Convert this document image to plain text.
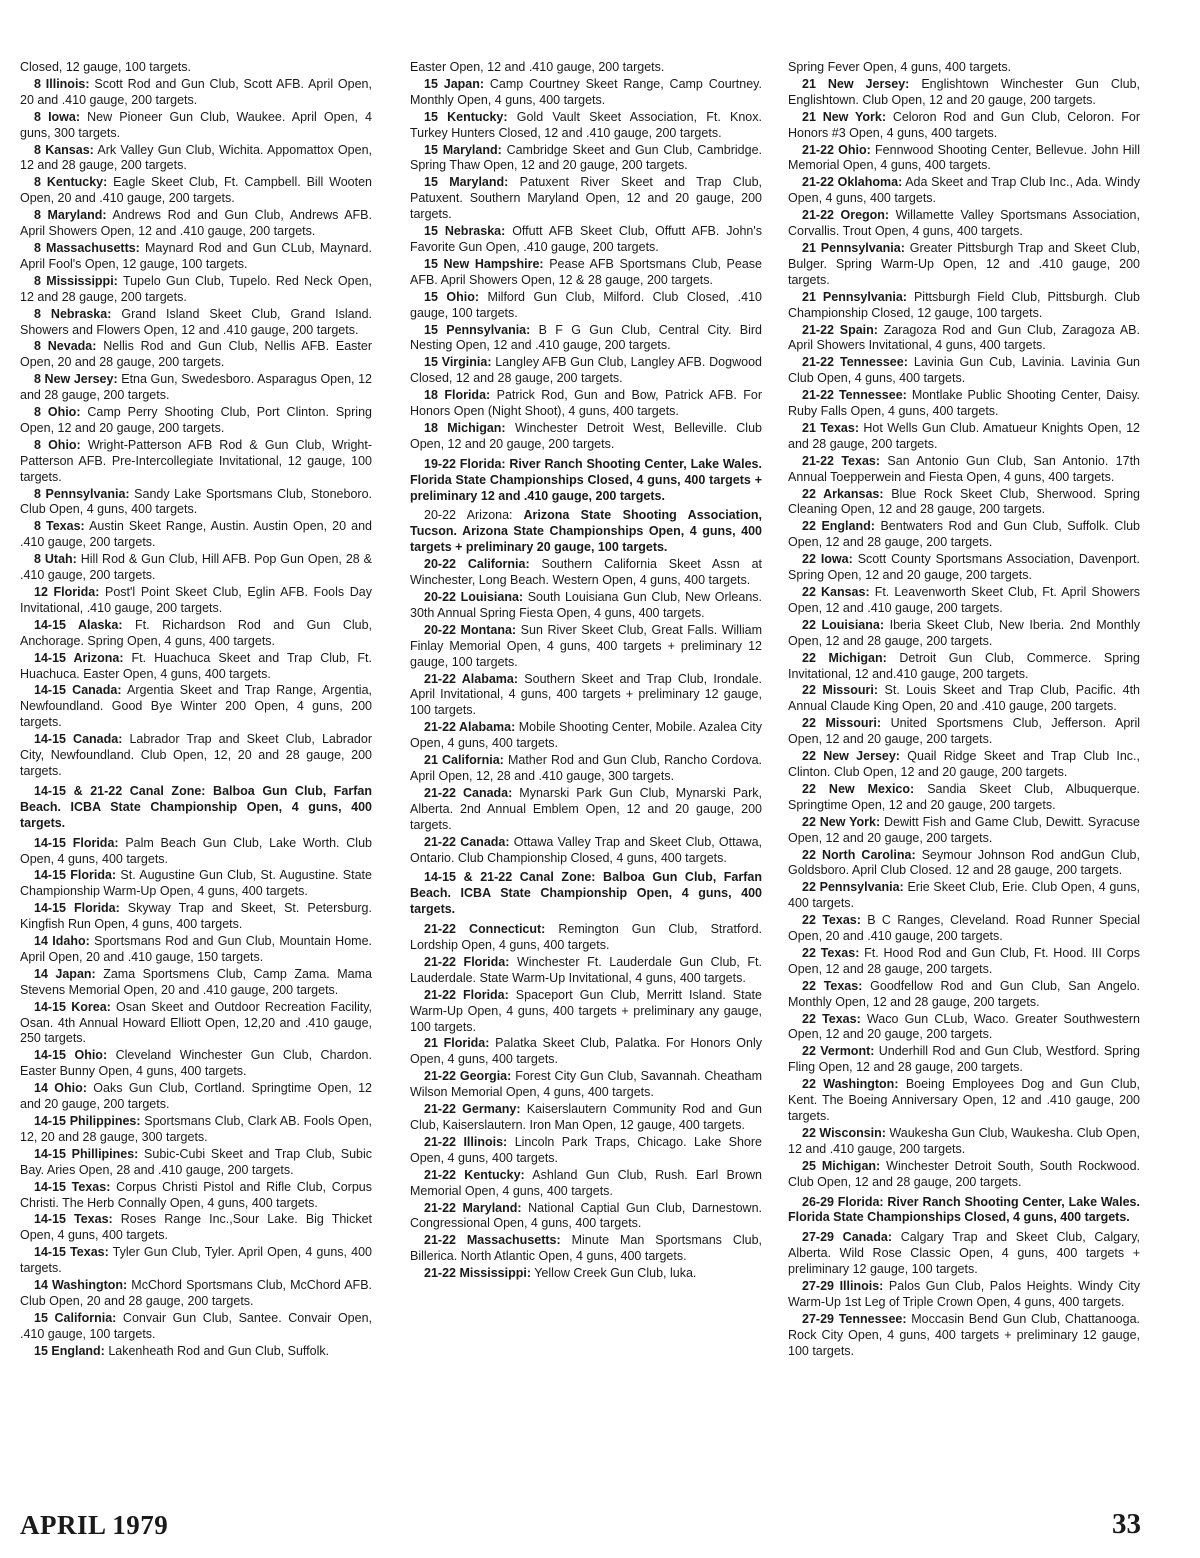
Closed, 12 gauge, 100 targets.

8 Illinois: Scott Rod and Gun Club, Scott AFB. April Open, 20 and .410 gauge, 200 targets.

8 Iowa: New Pioneer Gun Club, Waukee. April Open, 4 guns, 300 targets.

8 Kansas: Ark Valley Gun Club, Wichita. Appomattox Open, 12 and 28 gauge, 200 targets.

8 Kentucky: Eagle Skeet Club, Ft. Campbell. Bill Wooten Open, 20 and .410 gauge, 200 targets.

8 Maryland: Andrews Rod and Gun Club, Andrews AFB. April Showers Open, 12 and .410 gauge, 200 targets.

8 Massachusetts: Maynard Rod and Gun CLub, Maynard. April Fool's Open, 12 gauge, 100 targets.

8 Mississippi: Tupelo Gun Club, Tupelo. Red Neck Open, 12 and 28 gauge, 200 targets.

8 Nebraska: Grand Island Skeet Club, Grand Island. Showers and Flowers Open, 12 and .410 gauge, 200 targets.

8 Nevada: Nellis Rod and Gun Club, Nellis AFB. Easter Open, 20 and 28 gauge, 200 targets.

8 New Jersey: Etna Gun, Swedesboro. Asparagus Open, 12 and 28 gauge, 200 targets.

8 Ohio: Camp Perry Shooting Club, Port Clinton. Spring Open, 12 and 20 gauge, 200 targets.

8 Ohio: Wright-Patterson AFB Rod & Gun Club, Wright-Patterson AFB. Pre-Intercollegiate Invitational, 12 gauge, 100 targets.

8 Pennsylvania: Sandy Lake Sportsmans Club, Stoneboro. Club Open, 4 guns, 400 targets.

8 Texas: Austin Skeet Range, Austin. Austin Open, 20 and .410 gauge, 200 targets.

8 Utah: Hill Rod & Gun Club, Hill AFB. Pop Gun Open, 28 & .410 gauge, 200 targets.

12 Florida: Post'l Point Skeet Club, Eglin AFB. Fools Day Invitational, .410 gauge, 200 targets.

14-15 Alaska: Ft. Richardson Rod and Gun Club, Anchorage. Spring Open, 4 guns, 400 targets.

14-15 Arizona: Ft. Huachuca Skeet and Trap Club, Ft. Huachuca. Easter Open, 4 guns, 400 targets.

14-15 Canada: Argentia Skeet and Trap Range, Argentia, Newfoundland. Good Bye Winter 200 Open, 4 guns, 200 targets.

14-15 Canada: Labrador Trap and Skeet Club, Labrador City, Newfoundland. Club Open, 12, 20 and 28 gauge, 200 targets.

14-15 & 21-22 Canal Zone: Balboa Gun Club, Farfan Beach. ICBA State Championship Open, 4 guns, 400 targets.

14-15 Florida: Palm Beach Gun Club, Lake Worth. Club Open, 4 guns, 400 targets.

14-15 Florida: St. Augustine Gun Club, St. Augustine. State Championship Warm-Up Open, 4 guns, 400 targets.

14-15 Florida: Skyway Trap and Skeet, St. Petersburg. Kingfish Run Open, 4 guns, 400 targets.

14 Idaho: Sportsmans Rod and Gun Club, Mountain Home. April Open, 20 and .410 gauge, 150 targets.

14 Japan: Zama Sportsmens Club, Camp Zama. Mama Stevens Memorial Open, 20 and .410 gauge, 200 targets.

14-15 Korea: Osan Skeet and Outdoor Recreation Facility, Osan. 4th Annual Howard Elliott Open, 12,20 and .410 gauge, 250 targets.

14-15 Ohio: Cleveland Winchester Gun Club, Chardon. Easter Bunny Open, 4 guns, 400 targets.

14 Ohio: Oaks Gun Club, Cortland. Springtime Open, 12 and 20 gauge, 200 targets.

14-15 Philippines: Sportsmans Club, Clark AB. Fools Open, 12, 20 and 28 gauge, 300 targets.

14-15 Phillipines: Subic-Cubi Skeet and Trap Club, Subic Bay. Aries Open, 28 and .410 gauge, 200 targets.

14-15 Texas: Corpus Christi Pistol and Rifle Club, Corpus Christi. The Herb Connally Open, 4 guns, 400 targets.

14-15 Texas: Roses Range Inc.,Sour Lake. Big Thicket Open, 4 guns, 400 targets.

14-15 Texas: Tyler Gun Club, Tyler. April Open, 4 guns, 400 targets.

14 Washington: McChord Sportsmans Club, McChord AFB. Club Open, 20 and 28 gauge, 200 targets.

15 California: Convair Gun Club, Santee. Convair Open, .410 gauge, 100 targets.

15 England: Lakenheath Rod and Gun Club, Suffolk.

Easter Open, 12 and .410 gauge, 200 targets.

15 Japan: Camp Courtney Skeet Range, Camp Courtney. Monthly Open, 4 guns, 400 targets.

15 Kentucky: Gold Vault Skeet Association, Ft. Knox. Turkey Hunters Closed, 12 and .410 gauge, 200 targets.

15 Maryland: Cambridge Skeet and Gun Club, Cambridge. Spring Thaw Open, 12 and 20 gauge, 200 targets.

15 Maryland: Patuxent River Skeet and Trap Club, Patuxent. Southern Maryland Open, 12 and 20 gauge, 200 targets.

15 Nebraska: Offutt AFB Skeet Club, Offutt AFB. John's Favorite Gun Open, .410 gauge, 200 targets.

15 New Hampshire: Pease AFB Sportsmans Club, Pease AFB. April Showers Open, 12 & 28 gauge, 200 targets.

15 Ohio: Milford Gun Club, Milford. Club Closed, .410 gauge, 100 targets.

15 Pennsylvania: B F G Gun Club, Central City. Bird Nesting Open, 12 and .410 gauge, 200 targets.

15 Virginia: Langley AFB Gun Club, Langley AFB. Dogwood Closed, 12 and 28 gauge, 200 targets.

18 Florida: Patrick Rod, Gun and Bow, Patrick AFB. For Honors Open (Night Shoot), 4 guns, 400 targets.

18 Michigan: Winchester Detroit West, Belleville. Club Open, 12 and 20 gauge, 200 targets.

19-22 Florida: River Ranch Shooting Center, Lake Wales. Florida State Championships Closed, 4 guns, 400 targets + preliminary 12 and .410 gauge, 200 targets.

20-22 Arizona: Arizona State Shooting Association, Tucson. Arizona State Championships Open, 4 guns, 400 targets + preliminary 20 gauge, 100 targets.

20-22 California: Southern California Skeet Assn at Winchester, Long Beach. Western Open, 4 guns, 400 targets.

20-22 Louisiana: South Louisiana Gun Club, New Orleans. 30th Annual Spring Fiesta Open, 4 guns, 400 targets.

20-22 Montana: Sun River Skeet Club, Great Falls. William Finlay Memorial Open, 4 guns, 400 targets + preliminary 12 gauge, 100 targets.

21-22 Alabama: Southern Skeet and Trap Club, Irondale. April Invitational, 4 guns, 400 targets + preliminary 12 gauge, 100 targets.

21-22 Alabama: Mobile Shooting Center, Mobile. Azalea City Open, 4 guns, 400 targets.

21 California: Mather Rod and Gun Club, Rancho Cordova. April Open, 12, 28 and .410 gauge, 300 targets.

21-22 Canada: Mynarski Park Gun Club, Mynarski Park, Alberta. 2nd Annual Emblem Open, 12 and 20 gauge, 200 targets.

21-22 Canada: Ottawa Valley Trap and Skeet Club, Ottawa, Ontario. Club Championship Closed, 4 guns, 400 targets.

14-15 & 21-22 Canal Zone: Balboa Gun Club, Farfan Beach. ICBA State Championship Open, 4 guns, 400 targets.

21-22 Connecticut: Remington Gun Club, Stratford. Lordship Open, 4 guns, 400 targets.

21-22 Florida: Winchester Ft. Lauderdale Gun Club, Ft. Lauderdale. State Warm-Up Invitational, 4 guns, 400 targets.

21-22 Florida: Spaceport Gun Club, Merritt Island. State Warm-Up Open, 4 guns, 400 targets + preliminary any gauge, 100 targets.

21 Florida: Palatka Skeet Club, Palatka. For Honors Only Open, 4 guns, 400 targets.

21-22 Georgia: Forest City Gun Club, Savannah. Cheatham Wilson Memorial Open, 4 guns, 400 targets.

21-22 Germany: Kaiserslautern Community Rod and Gun Club, Kaiserslautern. Iron Man Open, 12 gauge, 400 targets.

21-22 Illinois: Lincoln Park Traps, Chicago. Lake Shore Open, 4 guns, 400 targets.

21-22 Kentucky: Ashland Gun Club, Rush. Earl Brown Memorial Open, 4 guns, 400 targets.

21-22 Maryland: National Captial Gun Club, Darnestown. Congressional Open, 4 guns, 400 targets.

21-22 Massachusetts: Minute Man Sportsmans Club, Billerica. North Atlantic Open, 4 guns, 400 targets.

21-22 Mississippi: Yellow Creek Gun Club, luka.

Spring Fever Open, 4 guns, 400 targets.

21 New Jersey: Englishtown Winchester Gun Club, Englishtown. Club Open, 12 and 20 gauge, 200 targets.

21 New York: Celoron Rod and Gun Club, Celoron. For Honors #3 Open, 4 guns, 400 targets.

21-22 Ohio: Fennwood Shooting Center, Bellevue. John Hill Memorial Open, 4 guns, 400 targets.

21-22 Oklahoma: Ada Skeet and Trap Club Inc., Ada. Windy Open, 4 guns, 400 targets.

21-22 Oregon: Willamette Valley Sportsmans Association, Corvallis. Trout Open, 4 guns, 400 targets.

21 Pennsylvania: Greater Pittsburgh Trap and Skeet Club, Bulger. Spring Warm-Up Open, 12 and .410 gauge, 200 targets.

21 Pennsylvania: Pittsburgh Field Club, Pittsburgh. Club Championship Closed, 12 gauge, 100 targets.

21-22 Spain: Zaragoza Rod and Gun Club, Zaragoza AB. April Showers Invitational, 4 guns, 400 targets.

21-22 Tennessee: Lavinia Gun Cub, Lavinia. Lavinia Gun Club Open, 4 guns, 400 targets.

21-22 Tennessee: Montlake Public Shooting Center, Daisy. Ruby Falls Open, 4 guns, 400 targets.

21 Texas: Hot Wells Gun Club. Amatueur Knights Open, 12 and 28 gauge, 200 targets.

21-22 Texas: San Antonio Gun Club, San Antonio. 17th Annual Toepperwein and Fiesta Open, 4 guns, 400 targets.

22 Arkansas: Blue Rock Skeet Club, Sherwood. Spring Cleaning Open, 12 and 28 gauge, 200 targets.

22 England: Bentwaters Rod and Gun Club, Suffolk. Club Open, 12 and 28 gauge, 200 targets.

22 Iowa: Scott County Sportsmans Association, Davenport. Spring Open, 12 and 20 gauge, 200 targets.

22 Kansas: Ft. Leavenworth Skeet Club, Ft. April Showers Open, 12 and .410 gauge, 200 targets.

22 Louisiana: Iberia Skeet Club, New Iberia. 2nd Monthly Open, 12 and 28 gauge, 200 targets.

22 Michigan: Detroit Gun Club, Commerce. Spring Invitational, 12 and.410 gauge, 200 targets.

22 Missouri: St. Louis Skeet and Trap Club, Pacific. 4th Annual Claude King Open, 20 and .410 gauge, 200 targets.

22 Missouri: United Sportsmens Club, Jefferson. April Open, 12 and 20 gauge, 200 targets.

22 New Jersey: Quail Ridge Skeet and Trap Club Inc., Clinton. Club Open, 12 and 20 gauge, 200 targets.

22 New Mexico: Sandia Skeet Club, Albuquerque. Springtime Open, 12 and 20 gauge, 200 targets.

22 New York: Dewitt Fish and Game Club, Dewitt. Syracuse Open, 12 and 20 gauge, 200 targets.

22 North Carolina: Seymour Johnson Rod andGun Club, Goldsboro. April Club Closed. 12 and 28 gauge, 200 targets.

22 Pennsylvania: Erie Skeet Club, Erie. Club Open, 4 guns, 400 targets.

22 Texas: B C Ranges, Cleveland. Road Runner Special Open, 20 and .410 gauge, 200 targets.

22 Texas: Ft. Hood Rod and Gun Club, Ft. Hood. III Corps Open, 12 and 28 gauge, 200 targets.

22 Texas: Goodfellow Rod and Gun Club, San Angelo. Monthly Open, 12 and 28 gauge, 200 targets.

22 Texas: Waco Gun CLub, Waco. Greater Southwestern Open, 12 and 20 gauge, 200 targets.

22 Vermont: Underhill Rod and Gun Club, Westford. Spring Fling Open, 12 and 28 gauge, 200 targets.

22 Washington: Boeing Employees Dog and Gun Club, Kent. The Boeing Anniversary Open, 12 and .410 gauge, 200 targets.

22 Wisconsin: Waukesha Gun Club, Waukesha. Club Open, 12 and .410 gauge, 200 targets.

25 Michigan: Winchester Detroit South, South Rockwood. Club Open, 12 and 28 gauge, 200 targets.

26-29 Florida: River Ranch Shooting Center, Lake Wales. Florida State Championships Closed, 4 guns, 400 targets.

27-29 Canada: Calgary Trap and Skeet Club, Calgary, Alberta. Wild Rose Classic Open, 4 guns, 400 targets + preliminary 12 gauge, 100 targets.

27-29 Illinois: Palos Gun Club, Palos Heights. Windy City Warm-Up 1st Leg of Triple Crown Open, 4 guns, 400 targets.

27-29 Tennessee: Moccasin Bend Gun Club, Chattanooga. Rock City Open, 4 guns, 400 targets + preliminary 12 gauge, 100 targets.

APRIL 1979	33
